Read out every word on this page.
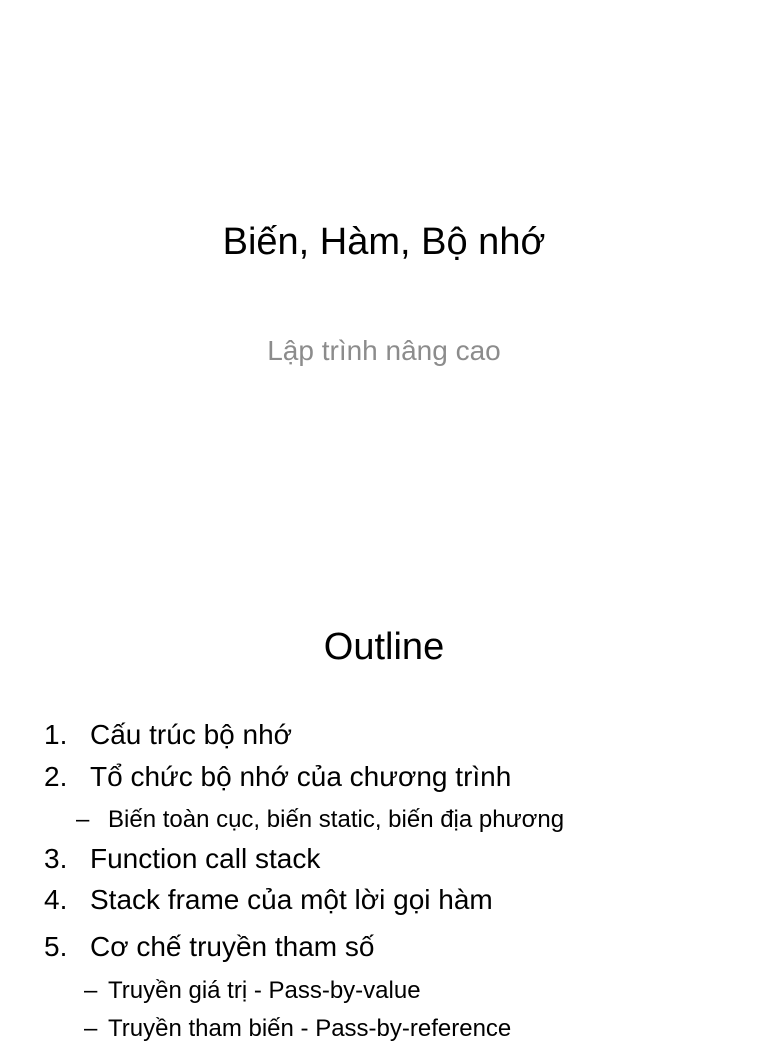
Biến, Hàm, Bộ nhớ
Lập trình nâng cao
Outline
1. Cấu trúc bộ nhớ
2. Tổ chức bộ nhớ của chương trình
– Biến toàn cục, biến static, biến địa phương
3. Function call stack
4. Stack frame của một lời gọi hàm
5. Cơ chế truyền tham số
– Truyền giá trị - Pass-by-value
– Truyền tham biến - Pass-by-reference
